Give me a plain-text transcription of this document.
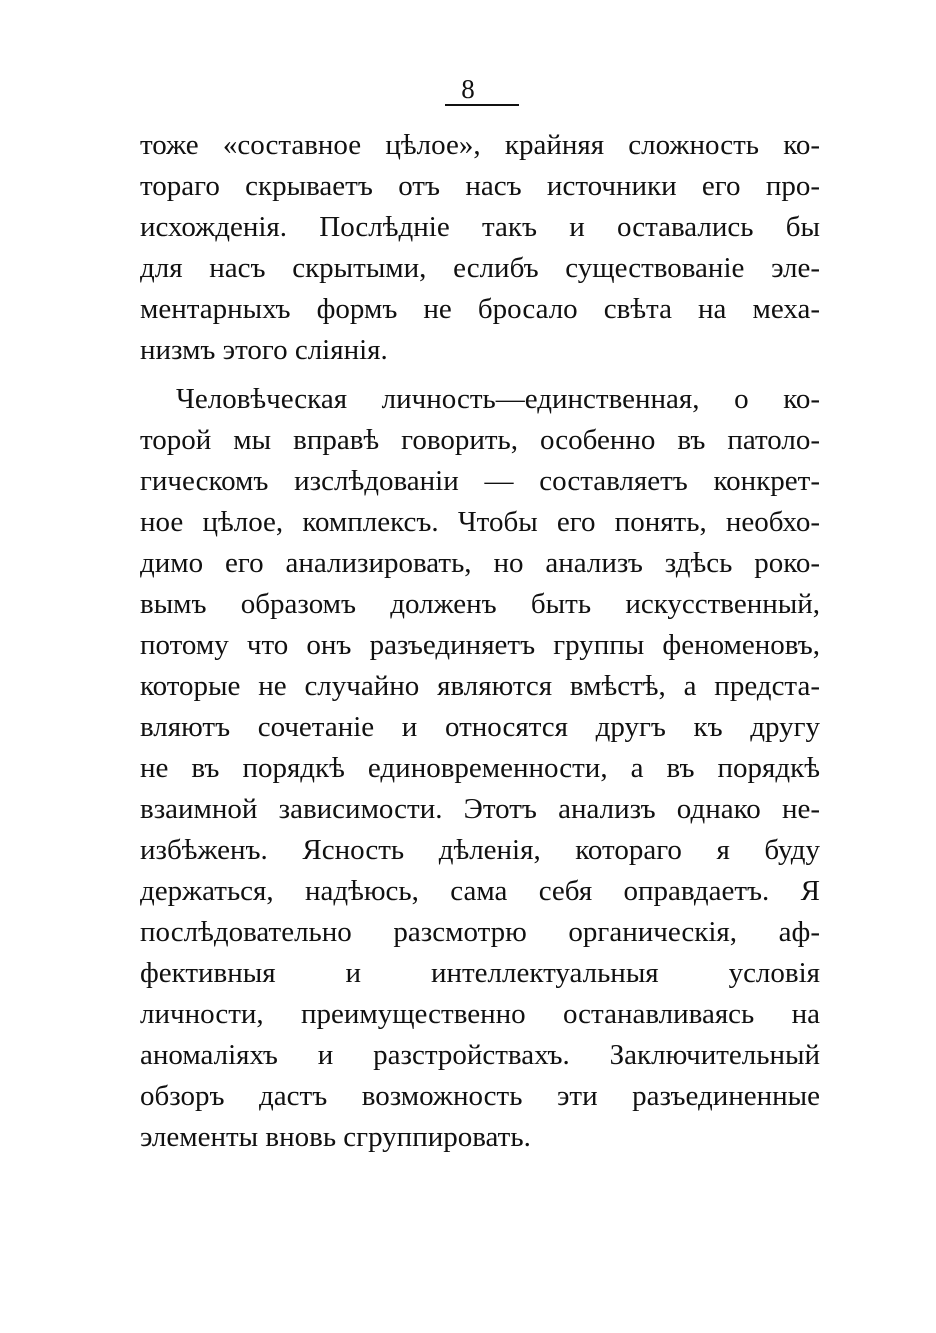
8
тоже «составное цѣлое», крайняя сложность ко-
тораго скрываетъ отъ насъ источники его про-
исхожденія. Послѣдніе такъ и оставались бы
для насъ скрытыми, еслибъ существованіе эле-
ментарныхъ формъ не бросало свѣта на меха-
низмъ этого сліянія.
Человѣческая личность—единственная, о ко-
торой мы вправѣ говорить, особенно въ патоло-
гическомъ изслѣдованіи — составляетъ конкрет-
ное цѣлое, комплексъ. Чтобы его понять, необхо-
димо его анализировать, но анализъ здѣсь роко-
вымъ образомъ долженъ быть искусственный,
потому что онъ разъединяетъ группы феноменовъ,
которые не случайно являются вмѣстѣ, а предста-
вляютъ сочетаніе и относятся другъ къ другу
не въ порядкѣ единовременности, а въ порядкѣ
взаимной зависимости. Этотъ анализъ однако не-
избѣженъ. Ясность дѣленія, котораго я буду
держаться, надѣюсь, сама себя оправдаетъ. Я
послѣдовательно разсмотрю органическія, аф-
фективныя и интеллектуальныя условія
личности, преимущественно останавливаясь на
аномаліяхъ и разстройствахъ. Заключительный
обзоръ дастъ возможность эти разъединенные
элементы вновь сгруппировать.
